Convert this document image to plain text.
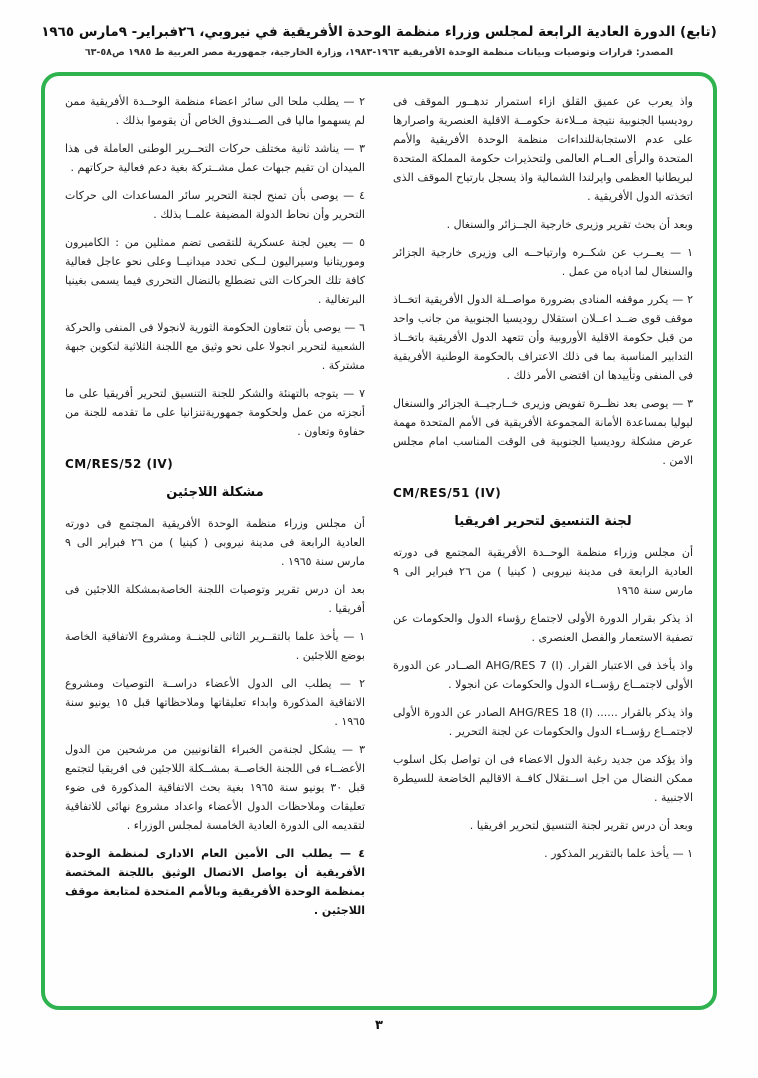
(تابع) الدورة العادية الرابعة لمجلس وزراء منظمة الوحدة الأفريقية في نيروبي، ٢٦فبراير- ٩مارس ١٩٦٥
المصدر: قرارات وتوصيات وبيانات منظمة الوحدة الأفريقية ١٩٦٣-١٩٨٣، وزارة الخارجية، جمهورية مصر العربية ط ١٩٨٥ ص٥٨-٦٣
واذ يعرب عن عميق القلق ازاء استمرار تدهــور الموقف فى روديسيا الجنوبية نتيجة مــلاءنة حكومــة الاقلية العنصرية واصرارها على عدم الاستجابةللنداءات منظمة الوحدة الأفريقية والأمم المتحدة والرأى العــام العالمى ولتحذيرات حكومة المملكة المتحدة لبريطانيا العظمى وايرلندا الشمالية واذ يسجل بارتياح الموقف الذى اتخذته الدول الأفريقية .
وبعد أن بحث تقرير وزيرى خارجية الجــزائر والسنغال .
١ — يعــرب عن شكــره وارتياحــه الى وزيرى خارجية الجزائر والسنغال لما ادياه من عمل .
٢ — يكرر موقفه المنادى بضرورة مواصــلة الدول الأفريقية اتخــاذ موقف قوى ضــد اعــلان استقلال روديسيا الجنوبية من جانب واحد من قبل حكومة الاقلية الأوروبية وأن تتعهد الدول الأفريقية باتخــاذ التدابير المناسبة بما فى ذلك الاعتراف بالحكومة الوطنية الأفريقية فى المنفى وتأييدها ان اقتضى الأمر ذلك .
٣ — يوصى بعد نظــرة تفويض وزيرى خــارجيــة الجزائر والسنغال ليوليا بمساعدة الأمانة المجموعة الأفريقية فى الأمم المتحدة مهمة عرض مشكلة روديسيا الجنوبية فى الوقت المناسب امام مجلس الامن .
CM/RES/51 (IV)
لجنة التنسيق لتحرير افريقيا
أن مجلس وزراء منظمة الوحــدة الأفريقية المجتمع فى دورته العادية الرابعة فى مدينة نيروبى ( كينيا ) من ٢٦ فبراير الى ٩ مارس سنة ١٩٦٥
اذ يذكر بقرار الدورة الأولى لاجتماع رؤساء الدول والحكومات عن تصفية الاستعمار والفصل العنصرى .
واذ يأخذ فى الاعتبار القرار. AHG/RES 7 (I) الصــادر عن الدورة الأولى لاجتمــاع رؤســاء الدول والحكومات عن انجولا .
واذ يذكر بالقرار ...... AHG/RES 18 (I) الصادر عن الدورة الأولى لاجتمــاع رؤســاء الدول والحكومات عن لجنة التحرير .
واذ يؤكد من جديد رغبة الدول الاعضاء فى ان تواصل بكل اسلوب ممكن النضال من اجل اســتقلال كافــة الاقاليم الخاضعة للسيطرة الاجنبية .
وبعد أن درس تقرير لجنة التنسيق لتحرير افريقيا .
١ — يأخذ علما بالتقرير المذكور .
٢ — يطلب ملحا الى سائر اعضاء منظمة الوحــدة الأفريقية ممن لم يسهموا ماليا فى الصــندوق الخاص أن يقوموا بذلك .
٣ — يناشد ثانية مختلف حركات التحــرير الوطنى العاملة فى هذا الميدان ان تقيم جبهات عمل مشــتركة بغية دعم فعالية حركاتهم .
٤ — يوصى بأن تمنح لجنة التحرير سائر المساعدات الى حركات التحرير وأن نحاط الدولة المضيفة علمــا بذلك .
٥ — يعين لجنة عسكرية للتقصى تضم ممثلين من : الكاميرون وموريتانيا وسيراليون لــكى تحدد ميدانيــا وعلى نحو عاجل فعالية كافة تلك الحركات التى تضطلع بالنضال التحررى فيما يسمى بغينيا البرتغالية .
٦ — يوصى بأن تتعاون الحكومة الثورية لانجولا فى المنفى والحركة الشعبية لتحرير انجولا على نحو وثيق مع اللجنة الثلاثية لتكوين جبهة مشتركة .
٧ — يتوجه بالتهنئة والشكر للجنة التنسيق لتحرير أفريقيا على ما أنجزته من عمل ولحكومة جمهوريةتنزانيا على ما تقدمه للجنة من حفاوة وتعاون .
CM/RES/52 (IV)
مشكلة اللاجئين
أن مجلس وزراء منظمة الوحدة الأفريقية المجتمع فى دورته العادية الرابعة فى مدينة نيروبى ( كينيا ) من ٢٦ فبراير الى ٩ مارس سنة ١٩٦٥ .
بعد ان درس تقرير وتوصيات اللجنة الخاصةبمشكلة اللاجئين فى أفريقيا .
١ — يأخذ علما بالتقــرير الثانى للجنــة ومشروع الاتفاقية الخاصة بوضع اللاجئين .
٢ — يطلب الى الدول الأعضاء دراســة التوصيات ومشروع الاتفاقية المذكورة وابداء تعليقاتها وملاحظاتها قبل ١٥ يونيو سنة ١٩٦٥ .
٣ — يشكل لجنةمن الخبراء القانونيين من مرشحين من الدول الأعضــاء فى اللجنة الخاصــة بمشــكلة اللاجئين فى افريقيا لتجتمع قبل ٣٠ يونيو سنة ١٩٦٥ بغية بحث الاتفاقية المذكورة فى ضوء تعليقات وملاحظات الدول الأعضاء واعداد مشروع نهائى للاتفاقية لتقديمه الى الدورة العادية الخامسة لمجلس الوزراء .
٤ — يطلب الى الأمين العام الادارى لمنظمة الوحدة الأفريقية أن يواصل الاتصال الوثيق باللجنة المختصة بمنظمة الوحدة الأفريقية وبالأمم المتحدة لمتابعة موقف اللاجئين .
٣
